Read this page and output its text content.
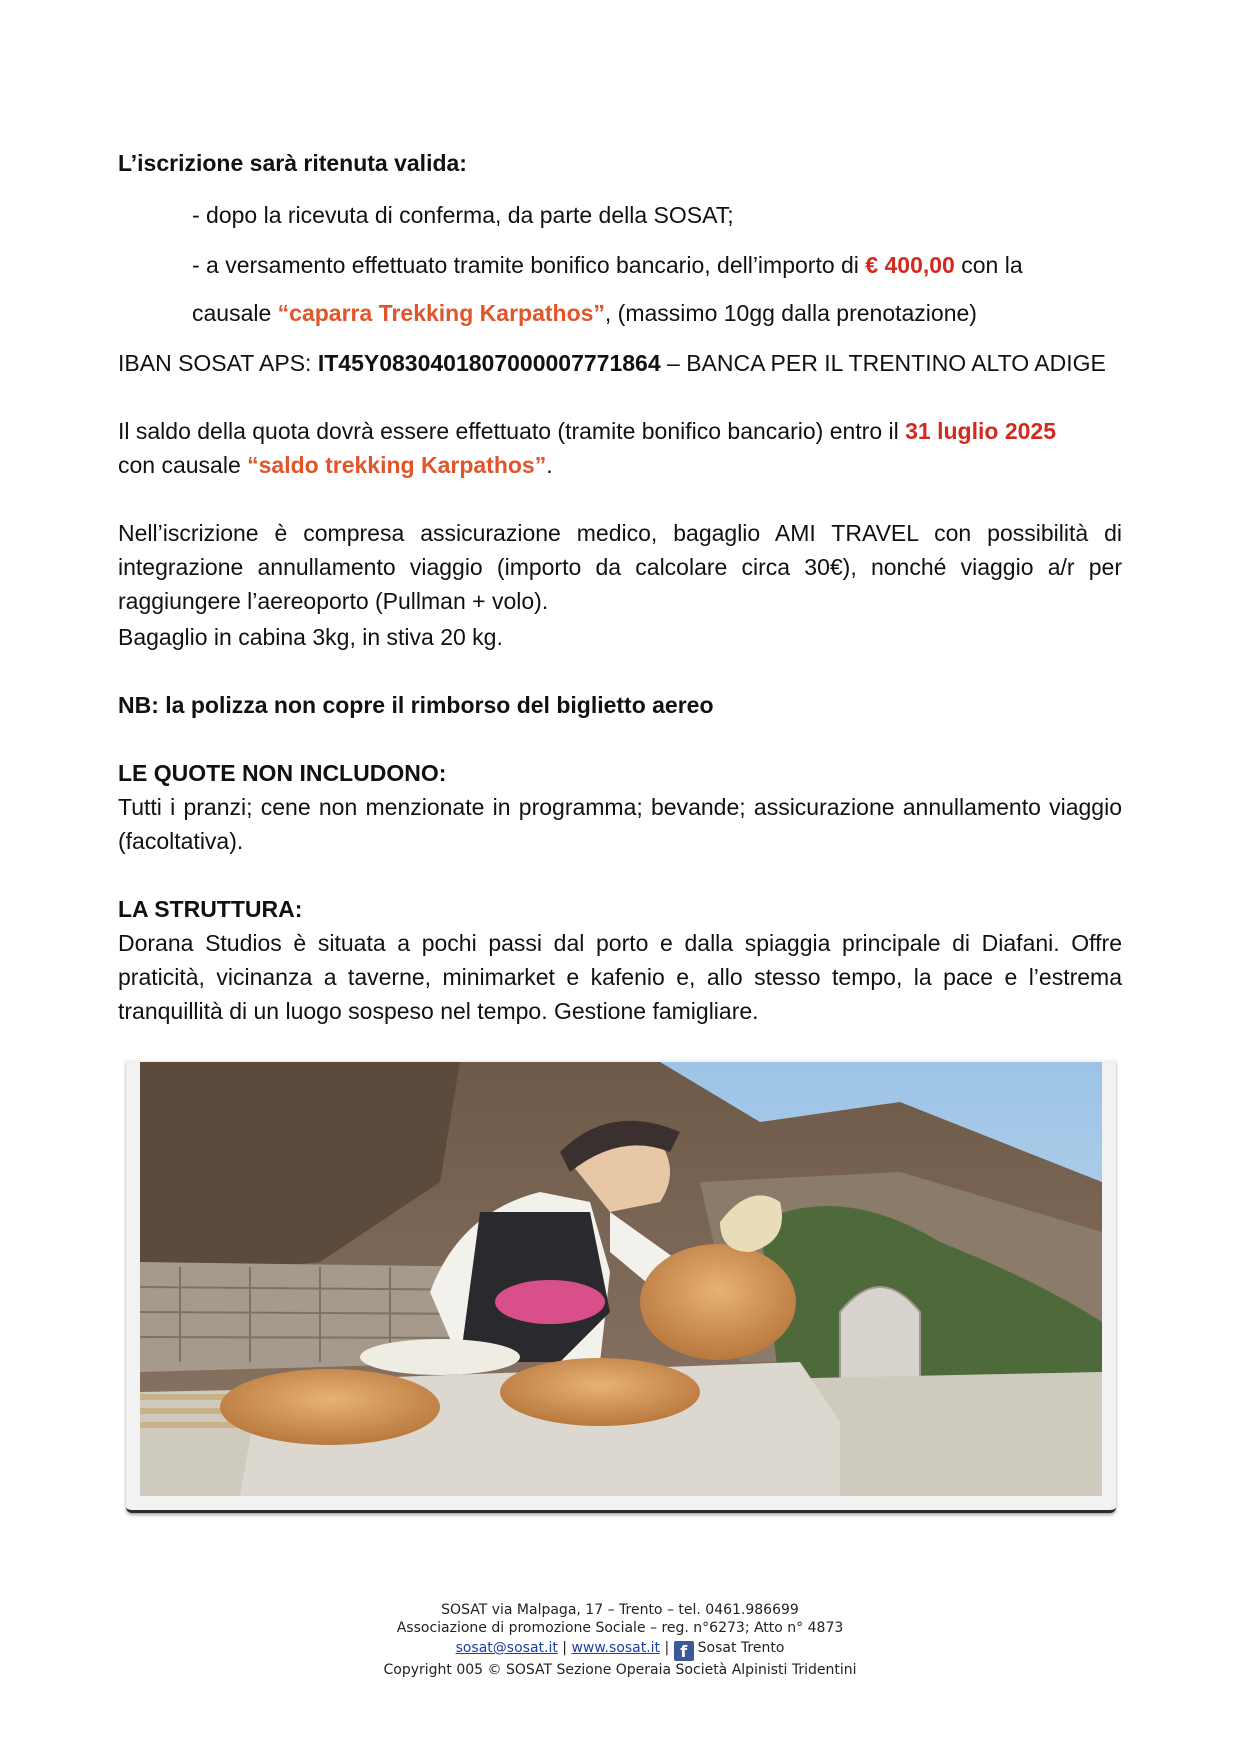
L’iscrizione sarà ritenuta valida:
- dopo la ricevuta di conferma, da parte della SOSAT;
- a versamento effettuato tramite bonifico bancario, dell’importo di € 400,00 con la
causale “caparra Trekking Karpathos”, (massimo 10gg dalla prenotazione)
IBAN SOSAT APS: IT45Y0830401807000007771864 – BANCA PER IL TRENTINO ALTO ADIGE
Il saldo della quota dovrà essere effettuato (tramite bonifico bancario) entro il 31 luglio 2025
con causale “saldo trekking Karpathos”.
Nell’iscrizione è compresa assicurazione medico, bagaglio AMI TRAVEL con possibilità di integrazione annullamento viaggio (importo da calcolare circa 30€), nonché viaggio a/r per raggiungere l’aereoporto (Pullman + volo).
Bagaglio in cabina 3kg, in stiva 20 kg.
NB: la polizza non copre il rimborso del biglietto aereo
LE QUOTE NON INCLUDONO:
Tutti i pranzi; cene non menzionate in programma; bevande; assicurazione annullamento viaggio (facoltativa).
LA STRUTTURA:
Dorana Studios è situata a pochi passi dal porto e dalla spiaggia principale di Diafani. Offre praticità, vicinanza a taverne, minimarket e kafenio e, allo stesso tempo, la pace e l’estrema tranquillità di un luogo sospeso nel tempo. Gestione famigliare.
SOSAT via Malpaga, 17 – Trento – tel. 0461.986699
Associazione di promozione Sociale – reg. n°6273; Atto n° 4873
sosat@sosat.it | www.sosat.it | f Sosat Trento
Copyright 005 © SOSAT Sezione Operaia Società Alpinisti Tridentini
